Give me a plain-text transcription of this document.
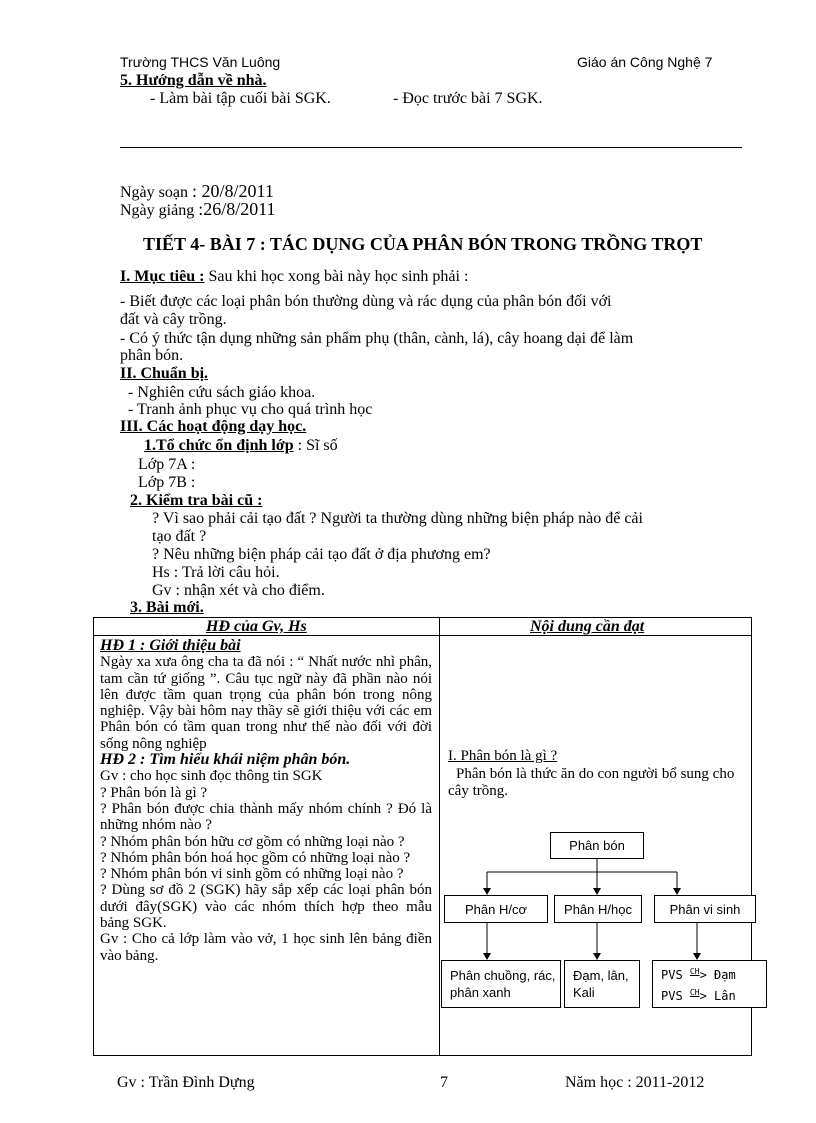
Trường THCS Văn Luông	Giáo án Công Nghệ 7
5. Hướng dẫn về nhà.
- Làm bài tập cuối bài SGK.	- Đọc trước bài 7 SGK.
Ngày soạn : 20/8/2011
Ngày giảng :26/8/2011
TIẾT 4- BÀI 7 : TÁC DỤNG CỦA PHÂN BÓN TRONG TRỒNG TRỌT
I. Mục tiêu : Sau khi học xong bài này học sinh phải :
- Biết được các loại phân bón thường dùng và rác dụng của phân bón đối với
đất và cây trồng.
- Có ý thức tận dụng những sản phẩm phụ (thân, cành, lá), cây hoang dại để làm
phân bón.
II. Chuẩn bị.
- Nghiên cứu sách giáo khoa.
- Tranh ảnh phục vụ cho quá trình học
III. Các hoạt động dạy học.
1.Tổ chức ổn định lớp : Sĩ số
Lớp 7A :
Lớp 7B :
2. Kiểm tra bài cũ :
? Vì sao phải cải tạo đất ? Người ta thường dùng những biện pháp nào để cải
tạo đất ?
? Nêu những biện pháp cải tạo đất ở địa phương em?
Hs : Trả lời câu hỏi.
Gv : nhận xét và cho điểm.
3. Bài mới.
HĐ của Gv, Hs	Nội dung cần đạt

HĐ 1 : Giới thiệu bài

Ngày xa xưa ông cha ta đã nói : “ Nhất nước nhì phân, tam cần tứ giống ”. Câu tục ngữ này đã phần nào nói lên được tầm quan trọng của phân bón trong nông nghiệp. Vậy bài hôm nay thầy sẽ giới thiệu với các em Phân bón có tầm quan trong như thế nào đối với đời sống nông nghiệp

HĐ 2 : Tìm hiểu khái niệm phân bón.

Gv : cho học sinh đọc thông tin SGK

? Phân bón là gì ?

? Phân bón được chia thành mấy nhóm chính ? Đó là những nhóm nào ?

? Nhóm phân bón hữu cơ gồm có những loại nào ?

? Nhóm phân bón hoá học gồm có những loại nào ?

? Nhóm phân bón vi sinh gồm có những loại nào ?

? Dùng sơ đồ 2 (SGK) hãy sắp xếp các loại phân bón dưới đây(SGK) vào các nhóm thích hợp theo mẫu bảng SGK.

Gv : Cho cả lớp làm vào vở, 1 học sinh lên bảng điền vào bảng.

I. Phân bón là gì ?
Phân bón là thức ăn do con người bổ sung cho cây trồng.
Phân bón
Phân H/cơ	Phân H/học	Phân vi sinh
Phân chuồng, rác, phân xanh
Đạm, lân, Kali
PVS $^{CH}$> Đạm
PVS $^{CH}$> Lân
Gv : Trần Đình Dựng	7	Năm học : 2011-2012
